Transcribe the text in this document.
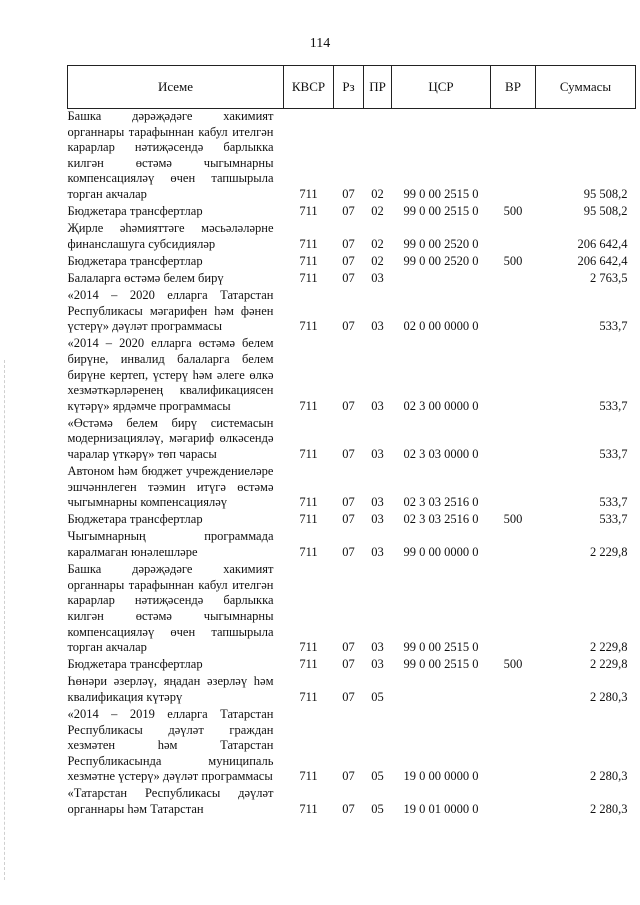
114
Исеме	КВСР	Рз	ПР	ЦСР	ВР	Суммасы
Башка дәрәҗәдәге хакимият органнары тарафыннан кабул ителгән карарлар нәтиҗәсендә барлыкка килгән өстәмә чыгымнарны компенсацияләү өчен тапшырыла торган акчалар	711	07	02	99 0 00 2515 0		95 508,2
Бюджетара трансфертлар	711	07	02	99 0 00 2515 0	500	95 508,2
Җирле әһәмияттәге мәсьәләләрне финанслашуга субсидияләр	711	07	02	99 0 00 2520 0		206 642,4
Бюджетара трансфертлар	711	07	02	99 0 00 2520 0	500	206 642,4
Балаларга өстәмә белем бирү	711	07	03			2 763,5
«2014 – 2020 елларга Татарстан Республикасы мәгарифен һәм фәнен үстерү» дәүләт программасы	711	07	03	02 0 00 0000 0		533,7
«2014 – 2020 елларга өстәмә белем бирүне, инвалид балаларга белем бирүне кертеп, үстерү һәм әлеге өлкә хезмәткәрләренең квалификациясен күтәрү» ярдәмче программасы	711	07	03	02 3 00 0000 0		533,7
«Өстәмә белем бирү системасын модернизацияләү, мәгариф өлкәсендә чаралар үткәрү» төп чарасы	711	07	03	02 3 03 0000 0		533,7
Автоном һәм бюджет учреждениеләре эшчәннлеген тәэмин итүгә өстәмә чыгымнарны компенсацияләү	711	07	03	02 3 03 2516 0		533,7
Бюджетара трансфертлар	711	07	03	02 3 03 2516 0	500	533,7
Чыгымнарның программада каралмаган юнәлешләре	711	07	03	99 0 00 0000 0		2 229,8
Башка дәрәҗәдәге хакимият органнары тарафыннан кабул ителгән карарлар нәтиҗәсендә барлыкка килгән өстәмә чыгымнарны компенсацияләү өчен тапшырыла торган акчалар	711	07	03	99 0 00 2515 0		2 229,8
Бюджетара трансфертлар	711	07	03	99 0 00 2515 0	500	2 229,8
Һөнәри әзерләү, яңадан әзерләү һәм квалификация күтәрү	711	07	05			2 280,3
«2014 – 2019 елларга Татарстан Республикасы дәүләт граждан хезмәтен һәм Татарстан Республикасында муниципаль хезмәтне үстерү» дәүләт программасы	711	07	05	19 0 00 0000 0		2 280,3
«Татарстан Республикасы дәүләт органнары һәм Татарстан	711	07	05	19 0 01 0000 0		2 280,3
